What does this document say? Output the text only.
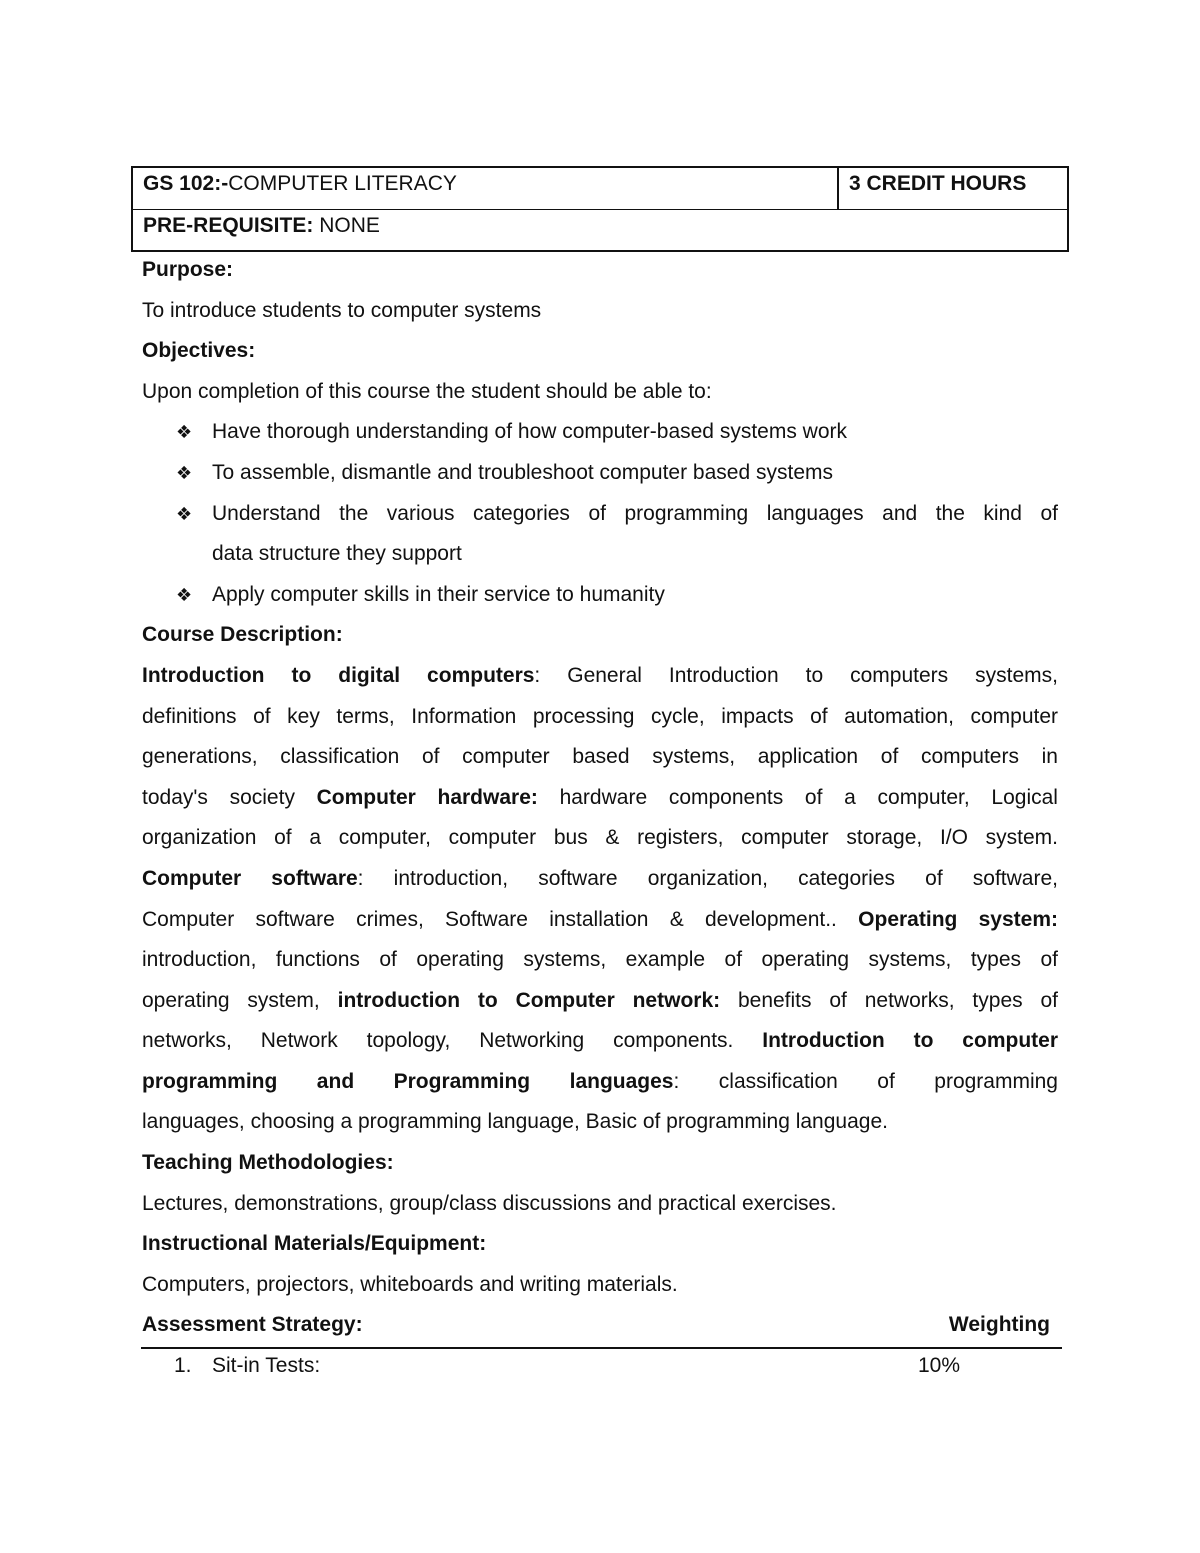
GS 102:-COMPUTER LITERACY	3 CREDIT HOURS
PRE-REQUISITE: NONE
Purpose:
To introduce students to computer systems
Objectives:
Upon completion of this course the student should be able to:
❖ Have thorough understanding of how computer-based systems work
❖ To assemble, dismantle and troubleshoot computer based systems
❖ Understand the various categories of programming languages and the kind of
data structure they support
❖ Apply computer skills in their service to humanity
Course Description:
Introduction to digital computers: General Introduction to computers systems,
definitions of key terms, Information processing cycle, impacts of automation, computer
generations, classification of computer based systems, application of computers in
today's society Computer hardware: hardware components of a computer, Logical
organization of a computer, computer bus & registers, computer storage, I/O system.
Computer software: introduction, software organization, categories of software,
Computer software crimes, Software installation & development.. Operating system:
introduction, functions of operating systems, example of operating systems, types of
operating system, introduction to Computer network: benefits of networks, types of
networks, Network topology, Networking components. Introduction to computer
programming and Programming languages: classification of programming
languages, choosing a programming language, Basic of programming language.
Teaching Methodologies:
Lectures, demonstrations, group/class discussions and practical exercises.
Instructional Materials/Equipment:
Computers, projectors, whiteboards and writing materials.
Assessment Strategy:	Weighting
1. Sit-in Tests:	10%
